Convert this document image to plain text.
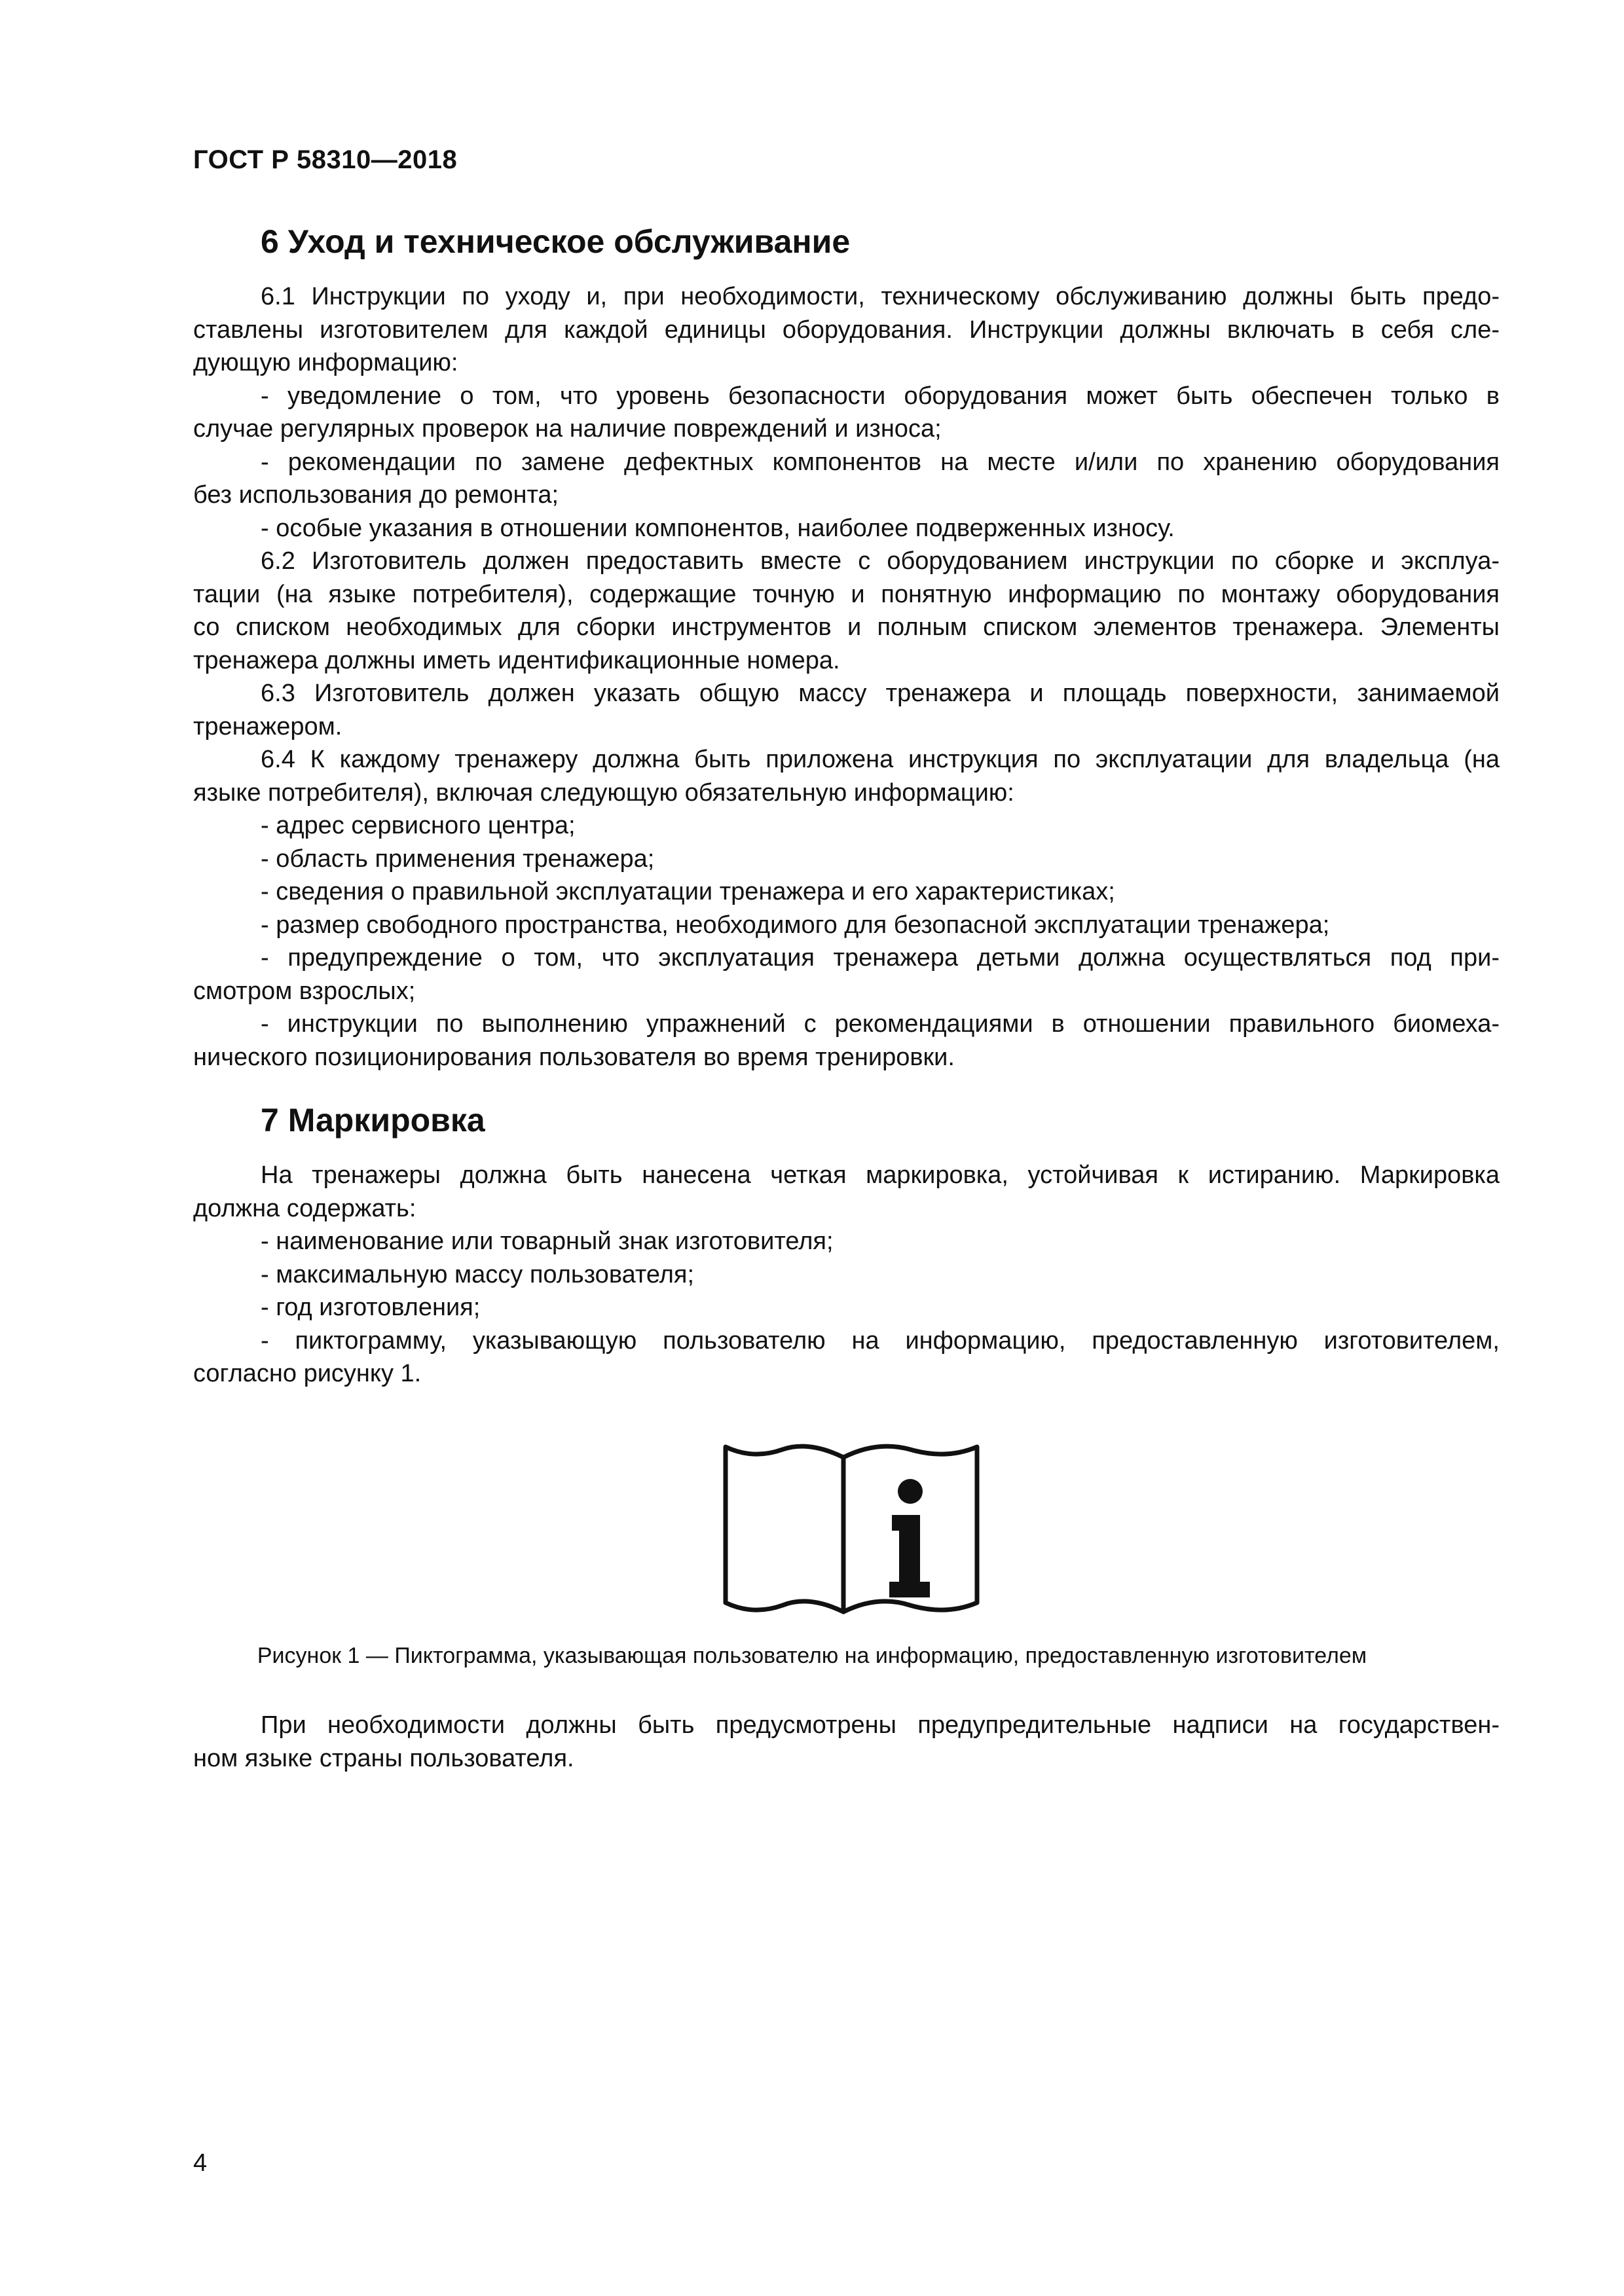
ГОСТ Р 58310—2018
6 Уход и техническое обслуживание
6.1 Инструкции по уходу и, при необходимости, техническому обслуживанию должны быть предо-
ставлены изготовителем для каждой единицы оборудования. Инструкции должны включать в себя сле-
дующую информацию:
- уведомление о том, что уровень безопасности оборудования может быть обеспечен только в
случае регулярных проверок на наличие повреждений и износа;
- рекомендации по замене дефектных компонентов на месте и/или по хранению оборудования
без использования до ремонта;
- особые указания в отношении компонентов, наиболее подверженных износу.
6.2 Изготовитель должен предоставить вместе с оборудованием инструкции по сборке и эксплуа-
тации (на языке потребителя), содержащие точную и понятную информацию по монтажу оборудования
со списком необходимых для сборки инструментов и полным списком элементов тренажера. Элементы
тренажера должны иметь идентификационные номера.
6.3 Изготовитель должен указать общую массу тренажера и площадь поверхности, занимаемой
тренажером.
6.4 К каждому тренажеру должна быть приложена инструкция по эксплуатации для владельца (на
языке потребителя), включая следующую обязательную информацию:
- адрес сервисного центра;
- область применения тренажера;
- сведения о правильной эксплуатации тренажера и его характеристиках;
- размер свободного пространства, необходимого для безопасной эксплуатации тренажера;
- предупреждение о том, что эксплуатация тренажера детьми должна осуществляться под при-
смотром взрослых;
- инструкции по выполнению упражнений с рекомендациями в отношении правильного биомеха-
нического позиционирования пользователя во время тренировки.
7 Маркировка
На тренажеры должна быть нанесена четкая маркировка, устойчивая к истиранию. Маркировка
должна содержать:
- наименование или товарный знак изготовителя;
- максимальную массу пользователя;
- год изготовления;
- пиктограмму, указывающую пользователю на информацию, предоставленную изготовителем,
согласно рисунку 1.
Рисунок 1 — Пиктограмма, указывающая пользователю на информацию, предоставленную изготовителем
При необходимости должны быть предусмотрены предупредительные надписи на государствен-
ном языке страны пользователя.
4
